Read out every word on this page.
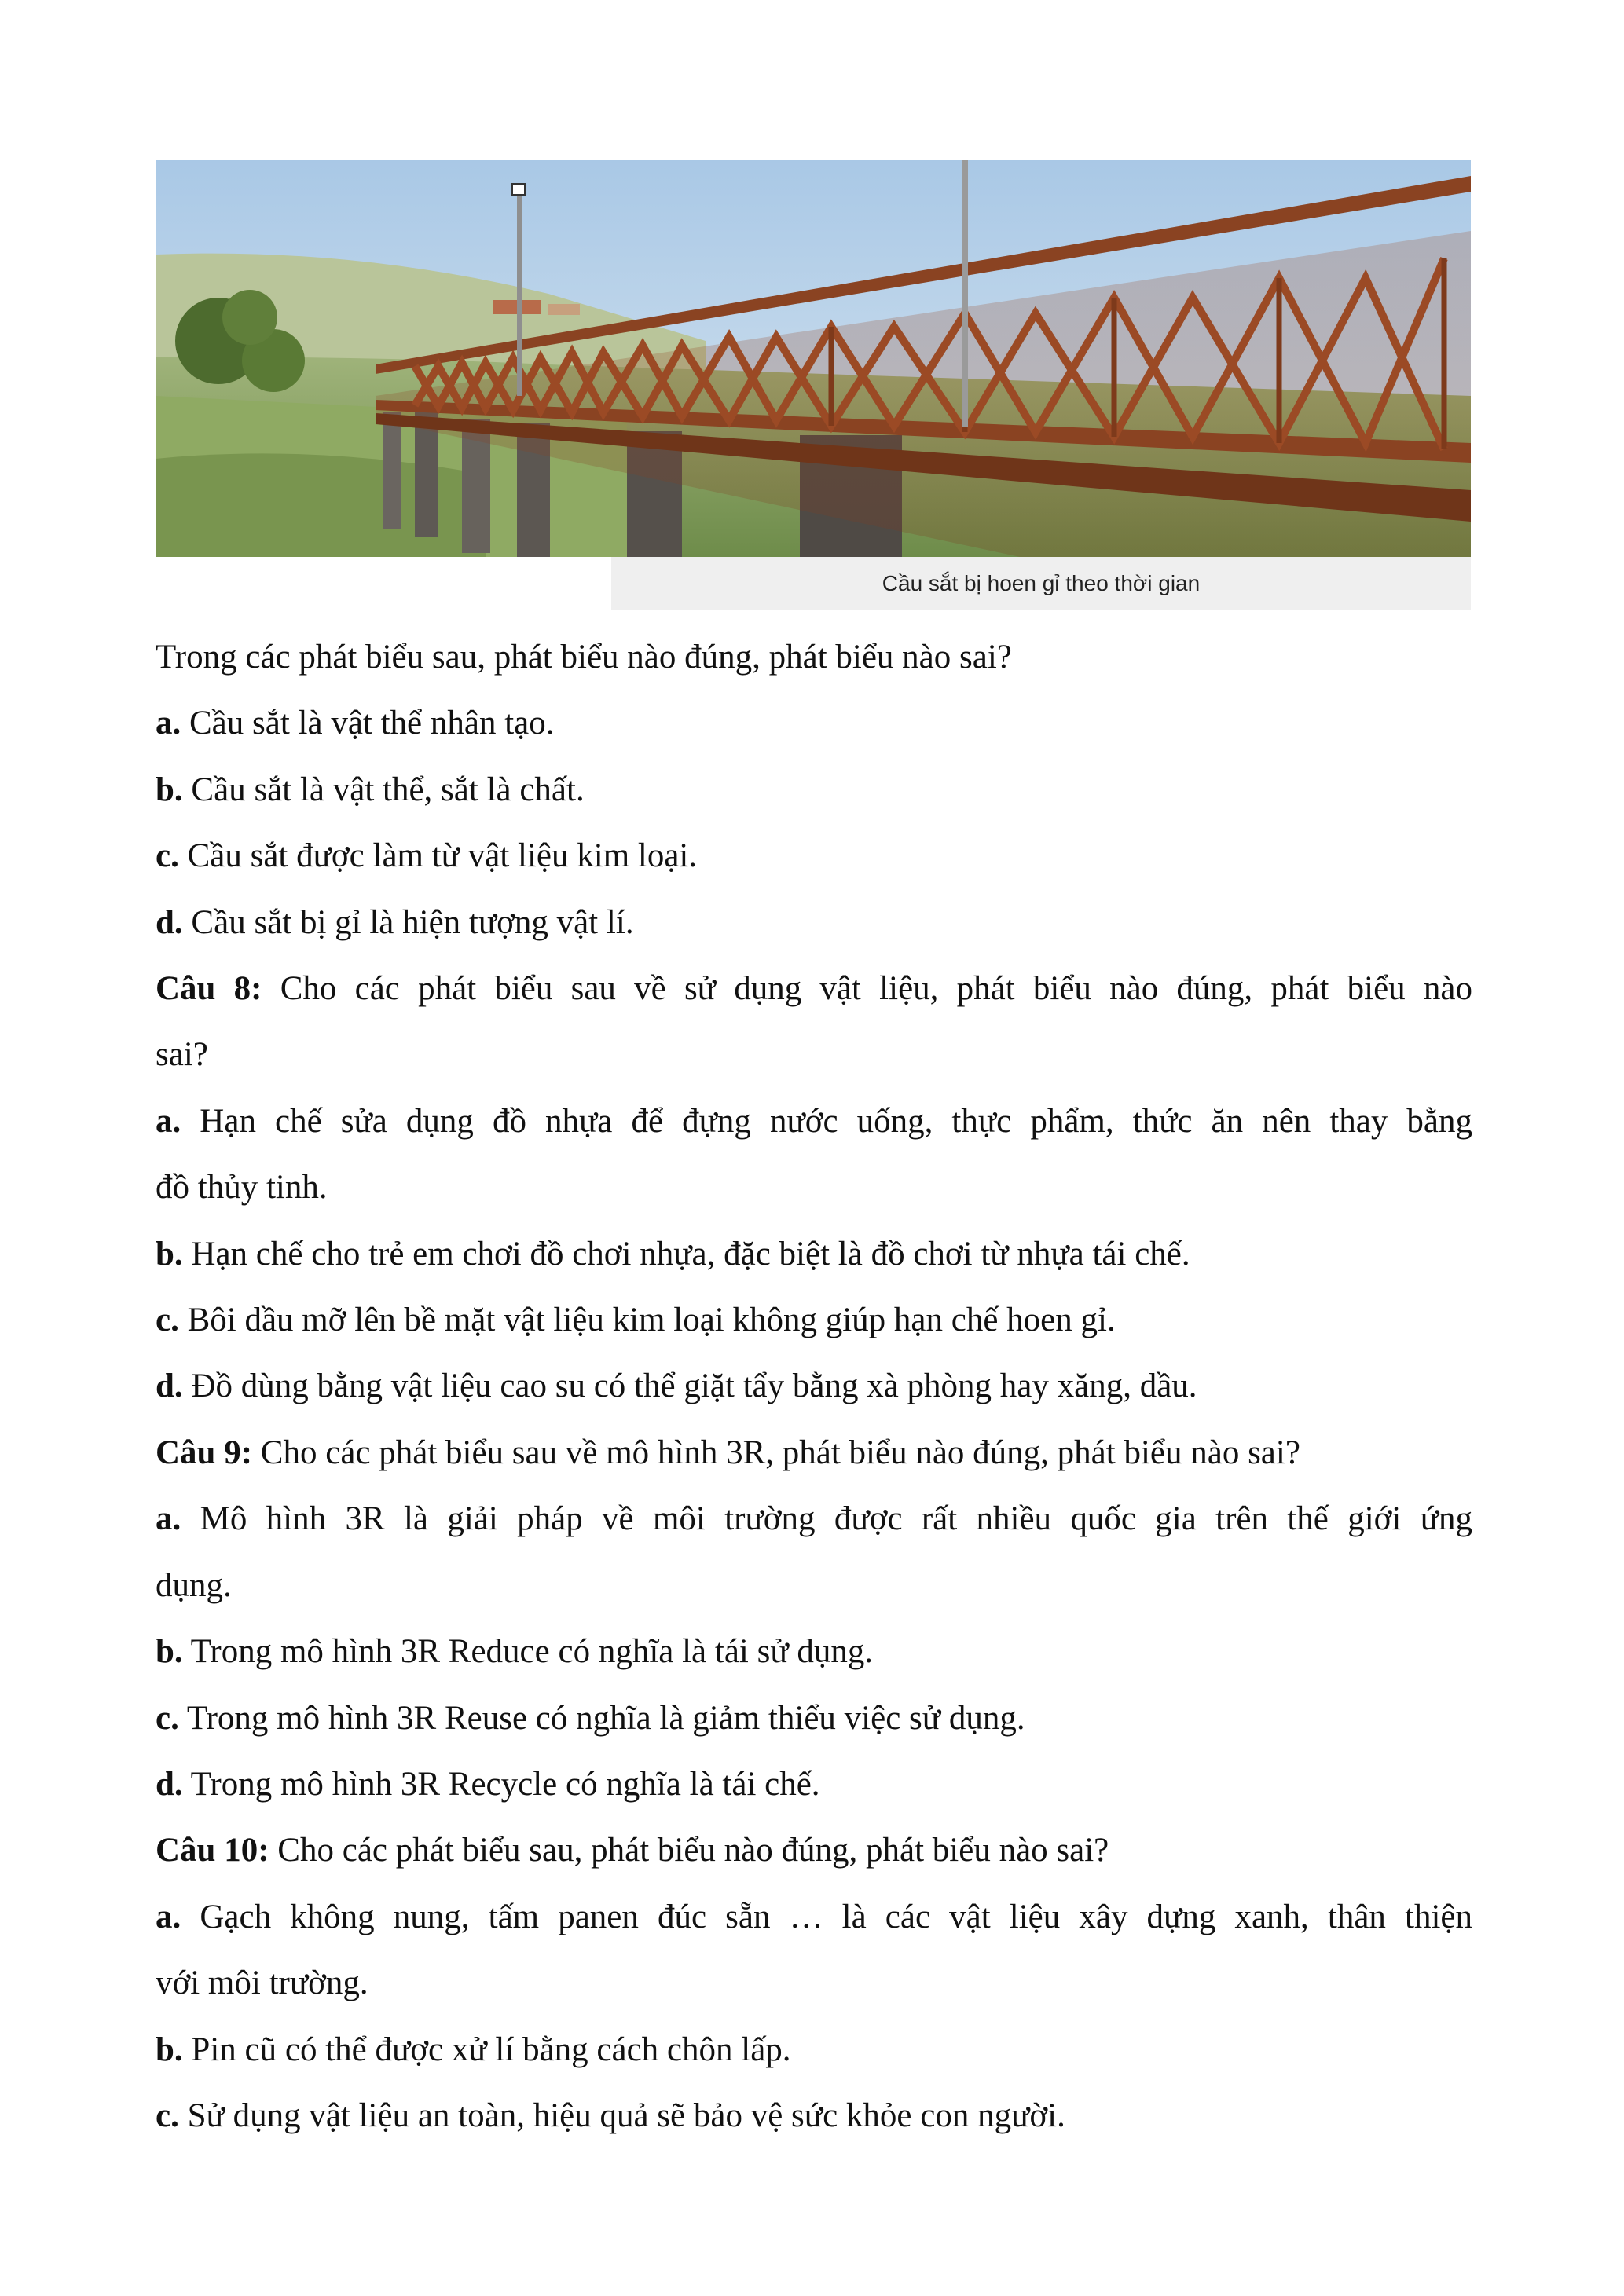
Cầu sắt bị hoen gỉ theo thời gian

Trong các phát biểu sau, phát biểu nào đúng, phát biểu nào sai?

a. Cầu sắt là vật thể nhân tạo.

b. Cầu sắt là vật thể, sắt là chất.

c. Cầu sắt được làm từ vật liệu kim loại.

d. Cầu sắt bị gỉ là hiện tượng vật lí.

Câu 8: Cho các phát biểu sau về sử dụng vật liệu, phát biểu nào đúng, phát biểu nào

sai?

a. Hạn chế sửa dụng đồ nhựa để đựng nước uống, thực phẩm, thức ăn nên thay bằng

đồ thủy tinh.

b. Hạn chế cho trẻ em chơi đồ chơi nhựa, đặc biệt là đồ chơi từ nhựa tái chế.

c. Bôi dầu mỡ lên bề mặt vật liệu kim loại không giúp hạn chế hoen gỉ.

d. Đồ dùng bằng vật liệu cao su có thể giặt tẩy bằng xà phòng hay xăng, dầu.

Câu 9: Cho các phát biểu sau về mô hình 3R, phát biểu nào đúng, phát biểu nào sai?

a. Mô hình 3R là giải pháp về môi trường được rất nhiều quốc gia trên thế giới ứng

dụng.

b. Trong mô hình 3R Reduce có nghĩa là tái sử dụng.

c. Trong mô hình 3R Reuse có nghĩa là giảm thiểu việc sử dụng.

d. Trong mô hình 3R Recycle có nghĩa là tái chế.

Câu 10: Cho các phát biểu sau, phát biểu nào đúng, phát biểu nào sai?

a. Gạch không nung, tấm panen đúc sẵn … là các vật liệu xây dựng xanh, thân thiện

với môi trường.

b. Pin cũ có thể được xử lí bằng cách chôn lấp.

c. Sử dụng vật liệu an toàn, hiệu quả sẽ bảo vệ sức khỏe con người.
